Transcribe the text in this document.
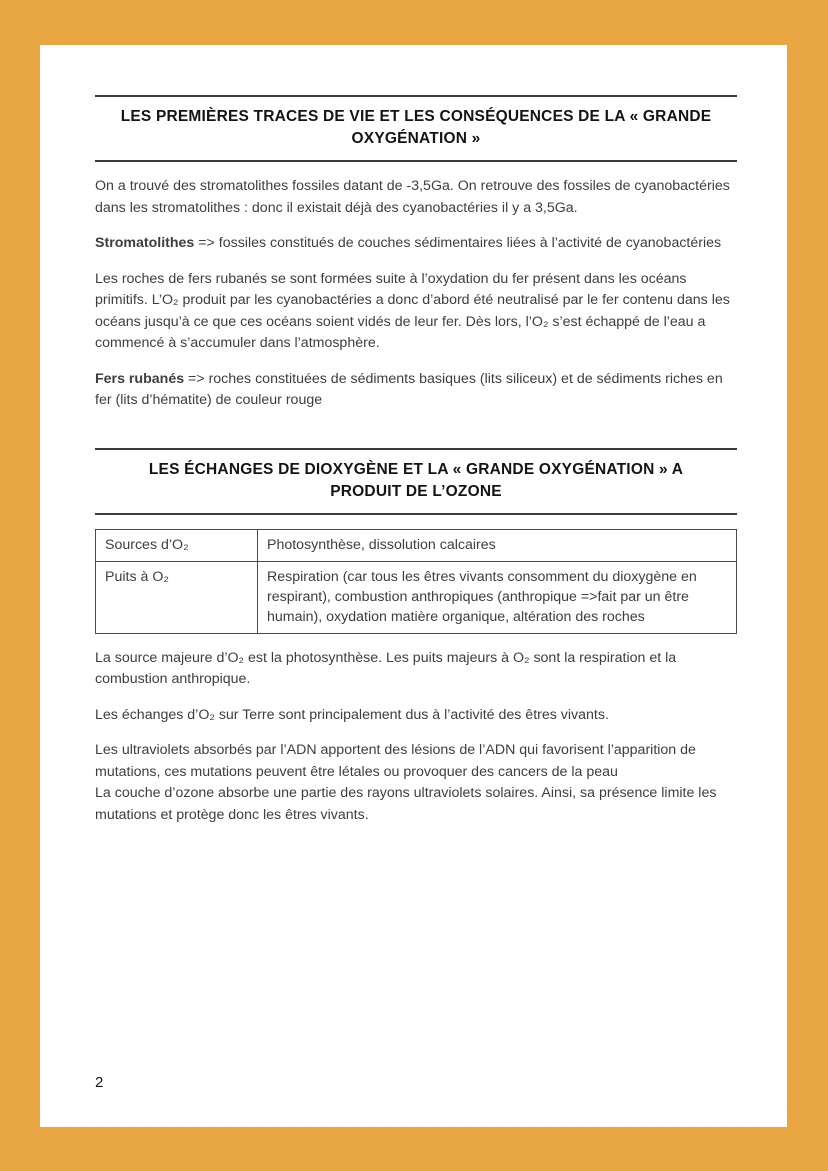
LES PREMIÈRES TRACES DE VIE ET LES CONSÉQUENCES DE LA « GRANDE OXYGÉNATION »

On a trouvé des stromatolithes fossiles datant de -3,5Ga. On retrouve des fossiles de cyanobactéries dans les stromatolithes : donc il existait déjà des cyanobactéries il y a 3,5Ga.

Stromatolithes => fossiles constitués de couches sédimentaires liées à l’activité de cyanobactéries

Les roches de fers rubanés se sont formées suite à l’oxydation du fer présent dans les océans primitifs. L’O₂ produit par les cyanobactéries a donc d’abord été neutralisé par le fer contenu dans les océans jusqu’à ce que ces océans soient vidés de leur fer. Dès lors, l’O₂ s’est échappé de l’eau a commencé à s’accumuler dans l’atmosphère.

Fers rubanés => roches constituées de sédiments basiques (lits siliceux) et de sédiments riches en fer (lits d’hématite) de couleur rouge

LES ÉCHANGES DE DIOXYGÈNE ET LA « GRANDE OXYGÉNATION » A PRODUIT DE L’OZONE
Sources d’O₂	Photosynthèse, dissolution calcaires
Puits à O₂	Respiration (car tous les êtres vivants consomment du dioxygène en respirant), combustion anthropiques (anthropique =>fait par un être humain), oxydation matière organique, altération des roches

La source majeure d’O₂ est la photosynthèse. Les puits majeurs à O₂ sont la respiration et la combustion anthropique.

Les échanges d’O₂ sur Terre sont principalement dus à l’activité des êtres vivants.

Les ultraviolets absorbés par l’ADN apportent des lésions de l’ADN qui favorisent l’apparition de mutations, ces mutations peuvent être létales ou provoquer des cancers de la peau
La couche d’ozone absorbe une partie des rayons ultraviolets solaires. Ainsi, sa présence limite les mutations et protège donc les êtres vivants.

2
